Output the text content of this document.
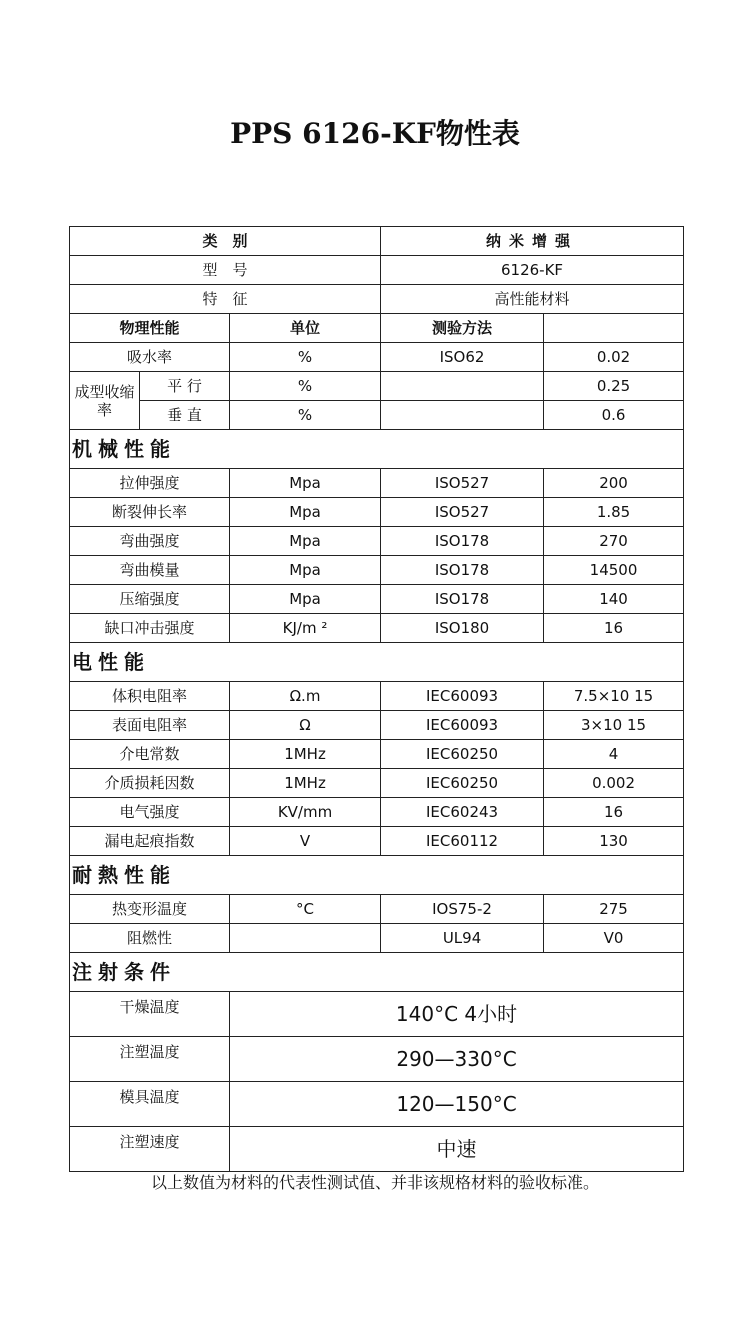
PPS 6126-KF物性表
类　别			纳米增强	
型　号			6126-KF	
特　征			高性能材料	
物理性能		单位	测验方法	
吸水率		%	ISO62	0.02
成型收缩率	平 行	%		0.25
	垂 直	%		0.6
机械性能				
拉伸强度		Mpa	ISO527	200
断裂伸长率		Mpa	ISO527	1.85
弯曲强度		Mpa	ISO178	270
弯曲模量		Mpa	ISO178	14500
压缩强度		Mpa	ISO178	140
缺口冲击强度		KJ/m ²	ISO180	16
电性能				
体积电阻率		Ω.m	IEC60093	7.5×10 15
表面电阻率		Ω	IEC60093	3×10 15
介电常数		1MHz	IEC60250	4
介质损耗因数		1MHz	IEC60250	0.002
电气强度		KV/mm	IEC60243	16
漏电起痕指数		V	IEC60112	130
耐熱性能				
热变形温度		°C	IOS75-2	275
阻燃性			UL94	V0
注射条件				
干燥温度		140°C 4小时		
注塑温度		290—330°C		
模具温度		120—150°C		
注塑速度		中速		
以上数值为材料的代表性测试值、并非该规格材料的验收标准。
